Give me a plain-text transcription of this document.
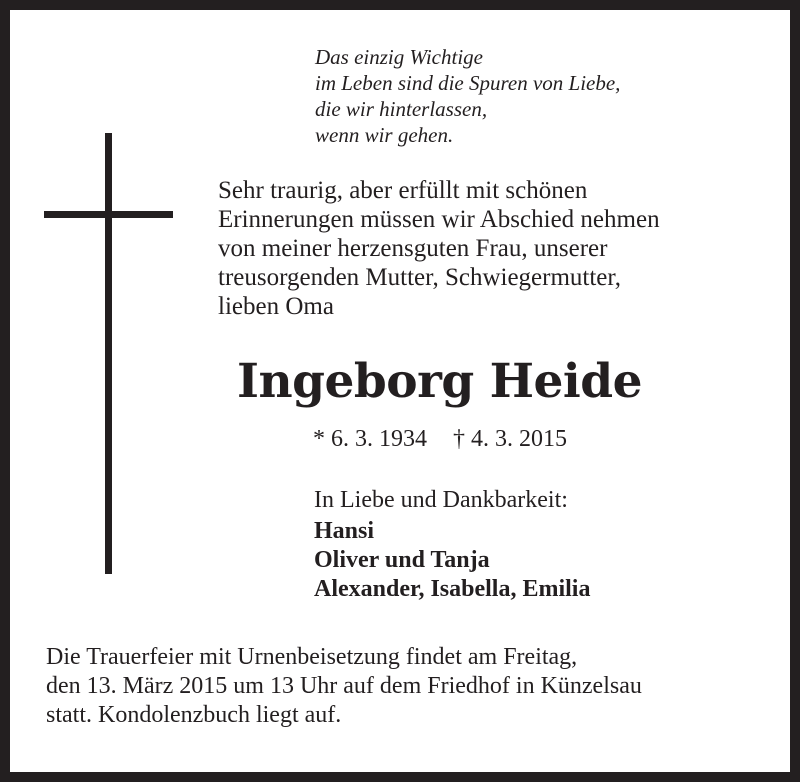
Das einzig Wichtige
im Leben sind die Spuren von Liebe,
die wir hinterlassen,
wenn wir gehen.
Sehr traurig, aber erfüllt mit schönen
Erinnerungen müssen wir Abschied nehmen
von meiner herzensguten Frau, unserer
treusorgenden Mutter, Schwiegermutter,
lieben Oma
Ingeborg Heide
* 6. 3. 1934 † 4. 3. 2015
In Liebe und Dankbarkeit:
Hansi
Oliver und Tanja
Alexander, Isabella, Emilia
Die Trauerfeier mit Urnenbeisetzung findet am Freitag,
den 13. März 2015 um 13 Uhr auf dem Friedhof in Künzelsau
statt. Kondolenzbuch liegt auf.
